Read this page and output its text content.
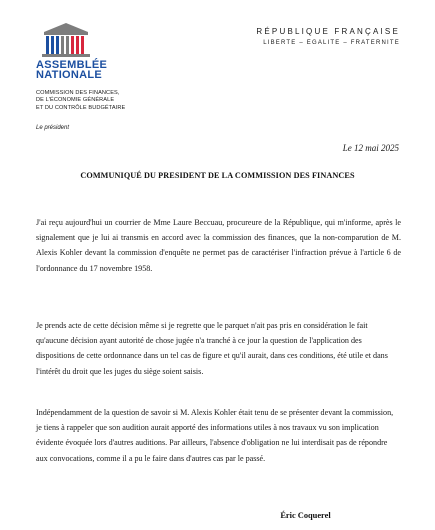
ASSEMBLÉE
NATIONALE
COMMISSION DES FINANCES,
DE L'ÉCONOMIE GÉNÉRALE
ET DU CONTRÔLE BUDGÉTAIRE
Le président
RÉPUBLIQUE FRANÇAISE
LIBERTE – EGALITE – FRATERNITE
Le 12 mai 2025
COMMUNIQUÉ DU PRESIDENT DE LA COMMISSION DES FINANCES
J'ai reçu aujourd'hui un courrier de Mme Laure Beccuau, procureure de la République, qui m'informe, après le signalement que je lui ai transmis en accord avec la commission des finances, que la non-comparution de M. Alexis Kohler devant la commission d'enquête ne permet pas de caractériser l'infraction prévue à l'article 6 de l'ordonnance du 17 novembre 1958.
Je prends acte de cette décision même si je regrette que le parquet n'ait pas pris en considération le fait qu'aucune décision ayant autorité de chose jugée n'a tranché à ce jour la question de l'application des dispositions de cette ordonnance dans un tel cas de figure et qu'il aurait, dans ces conditions, été utile et dans l'intérêt du droit que les juges du siège soient saisis.
Indépendamment de la question de savoir si M. Alexis Kohler était tenu de se présenter devant la commission, je tiens à rappeler que son audition aurait apporté des informations utiles à nos travaux vu son implication évidente évoquée lors d'autres auditions. Par ailleurs, l'absence d'obligation ne lui interdisait pas de répondre aux convocations, comme il a pu le faire dans d'autres cas par le passé.
Éric Coquerel
